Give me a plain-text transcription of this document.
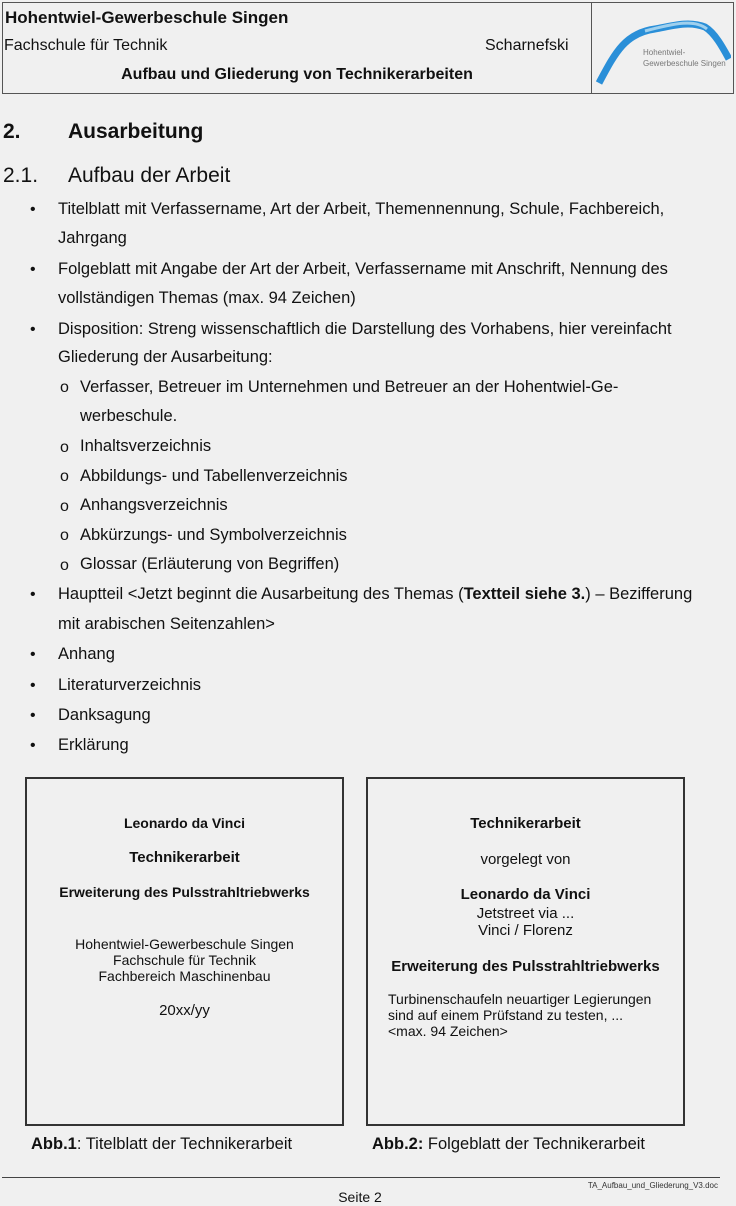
Hohentwiel-Gewerbeschule Singen
Fachschule für Technik	Scharnefski
Aufbau und Gliederung von Technikerarbeiten
Hohentwiel-
Gewerbeschule Singen
2. Ausarbeitung
2.1. Aufbau der Arbeit
• Titelblatt mit Verfassername, Art der Arbeit, Themennennung, Schule, Fachbereich,
Jahrgang
• Folgeblatt mit Angabe der Art der Arbeit, Verfassername mit Anschrift, Nennung des
vollständigen Themas (max. 94 Zeichen)
• Disposition: Streng wissenschaftlich die Darstellung des Vorhabens, hier vereinfacht
Gliederung der Ausarbeitung:
o Verfasser, Betreuer im Unternehmen und Betreuer an der Hohentwiel-Ge-
werbeschule.
o Inhaltsverzeichnis
o Abbildungs- und Tabellenverzeichnis
o Anhangsverzeichnis
o Abkürzungs- und Symbolverzeichnis
o Glossar (Erläuterung von Begriffen)
• Hauptteil <Jetzt beginnt die Ausarbeitung des Themas (Textteil siehe 3.) – Bezifferung
mit arabischen Seitenzahlen>
• Anhang
• Literaturverzeichnis
• Danksagung
• Erklärung
Leonardo da Vinci
Technikerarbeit
Erweiterung des Pulsstrahltriebwerks
Hohentwiel-Gewerbeschule Singen
Fachschule für Technik
Fachbereich Maschinenbau
20xx/yy
Technikerarbeit
vorgelegt von
Leonardo da Vinci
Jetstreet via ...
Vinci / Florenz
Erweiterung des Pulsstrahltriebwerks
Turbinenschaufeln neuartiger Legierungen
sind auf einem Prüfstand zu testen, ...
<max. 94 Zeichen>
Abb.1: Titelblatt der Technikerarbeit	Abb.2: Folgeblatt der Technikerarbeit
TA_Aufbau_und_Gliederung_V3.doc
Seite 2
